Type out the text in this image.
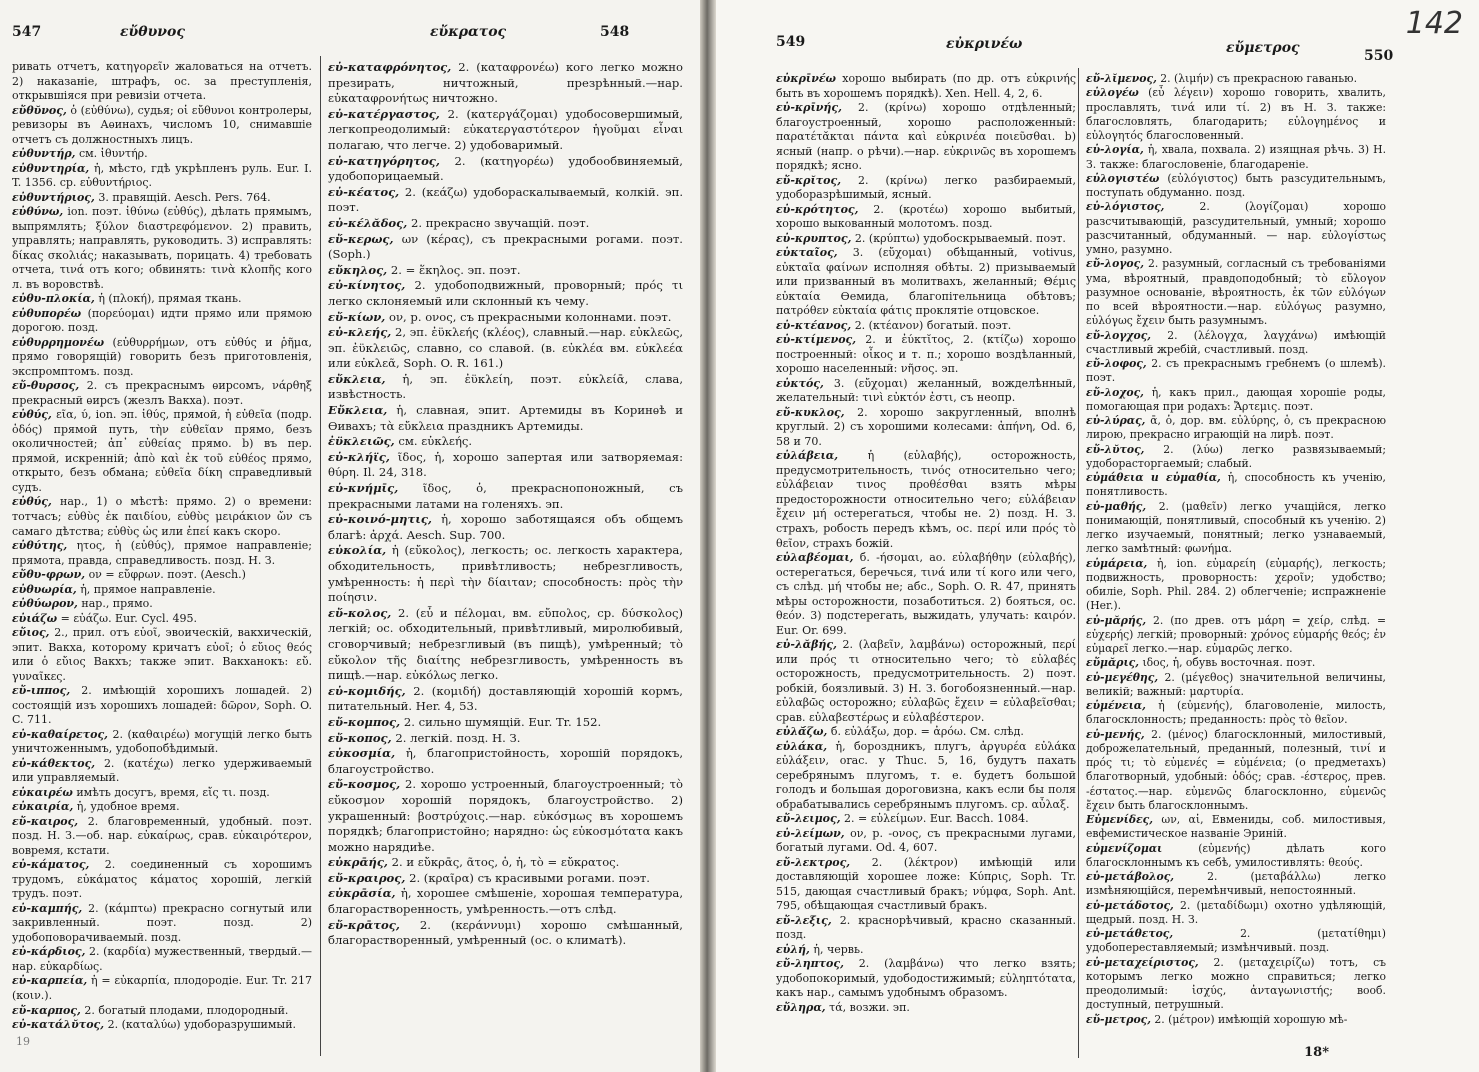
547	εὔθυνος	εὔκρατος	548

ривать отчетъ, κατηγορεῖν жаловаться на отчетъ. 2) наказаніе, штрафъ, ос. за преступленія, открывшіяся при ревизіи отчета.

εὔθῠνος, ὁ (εὐθύνω), судья; οἱ εὔθυνοι контролеры, ревизоры въ Аѳинахъ, числомъ 10, снимавшіе отчетъ съ должностныхъ лицъ.

εὐθυντήρ, см. ἰθυντήρ.

εὐθυντηρία, ἡ, мѣсто, гдѣ укрѣпленъ руль. Eur. I. T. 1356. cp. εὐθυντήριος.

εὐθυντήριος, 3. правящій. Aesch. Pers. 764.

εὐθύνω, ion. поэт. ἰθύνω (εὐθύς), дѣлать прямымъ, выпрямлять; ξύλον διαστρεφόμενον. 2) править, управлять; направлять, руководить. 3) исправлять: δίκας σκολιάς; наказывать, порицать. 4) требовать отчета, τινά отъ кого; обвинять: τινὰ κλοπῆς кого л. въ воровствѣ.

εὐθυ-πλοκία, ἡ (πλοκή), прямая ткань.

εὐθυπορέω (πορεύομαι) идти прямо или прямою дорогою. позд.

εὐθυρρημονέω (εὐθυρρήμων, отъ εὐθύς и ῥῆμα, прямо говорящій) говорить безъ приготовленія, экспромптомъ. позд.

εὔ-θυρσος, 2. съ прекраснымъ ѳирсомъ, νάρθηξ прекрасный ѳирсъ (жезлъ Вакха). поэт.

εὐθύς, εῖα, ύ, ion. эп. ἰθύς, прямой, ἡ εὐθεῖα (подр. ὁδός) прямой путь, τὴν εὐθεῖαν прямо, безъ околичностей; ἀπ᾽ εὐθείας прямо. b) въ пер. прямой, искренній; ἀπὸ καὶ ἐκ τοῦ εὐθέος прямо, открыто, безъ обмана; εὐθεῖα δίκη справедливый судъ.

εὐθύς, нар., 1) о мѣстѣ: прямо. 2) о времени: тотчасъ; εὐθὺς ἐκ παιδίου, εὐθὺς μειράκιον ὤν съ самаго дѣтства; εὐθὺς ὡς или ἐπεί какъ скоро.

εὐθύτης, ητος, ἡ (εὐθύς), прямое направленіе; прямота, правда, справедливость. позд. Н. З.

εὔθυ-φρων, ον = εὔφρων. поэт. (Aesch.)

εὐθυωρία, ἡ, прямое направленіе.

εὐθύωρον, нар., прямо.

εὐιάζω = εὐάζω. Eur. Cycl. 495.

εὔιος, 2., прил. отъ εὐοῖ, эвоическій, вакхическій, эпит. Вакха, которому кричатъ εὐοῖ; ὁ εὔιος θεός или ὁ εὔιος Вакхъ; также эпит. Вакханокъ: εὔ. γυναῖκες.

εὔ-ιππος, 2. имѣющій хорошихъ лошадей. 2) состоящій изъ хорошихъ лошадей: δῶρον, Soph. O. C. 711.

εὐ-καθαίρετος, 2. (καθαιρέω) могущій легко быть уничтоженнымъ, удобопобѣдимый.

εὐ-κάθεκτος, 2. (κατέχω) легко удерживаемый или управляемый.

εὐκαιρέω имѣть досугъ, время, εἴς τι. позд.

εὐκαιρία, ἡ, удобное время.

εὔ-καιρος, 2. благовременный, удобный. поэт. позд. Н. З.—об. нар. εὐκαίρως, срав. εὐκαιρότερον, вовремя, кстати.

εὐ-κάματος, 2. соединенный съ хорошимъ трудомъ, εὐκάματος κάματος хорошій, легкій трудъ. поэт.

εὐ-καμπής, 2. (κάμπτω) прекрасно согнутый или закривленный. поэт. позд. 2) удобоповорачиваемый. позд.

εὐ-κάρδιος, 2. (καρδία) мужественный, твердый.—нар. εὐκαρδίως.

εὐ-καρπεία, ἡ = εὐκαρπία, плодородіе. Eur. Tr. 217 (κοιν.).

εὔ-καρπος, 2. богатый плодами, плодородный.

εὐ-κατάλῠτος, 2. (καταλύω) удоборазрушимый.

εὐ-καταφρόνητος, 2. (καταφρονέω) кого легко можно презирать, ничтожный, презрѣнный.—нар. εὐκαταφρονήτως ничтожно.

εὐ-κατέργαστος, 2. (κατεργάζομαι) удобосовершимый, легкопреодолимый: εὐκατεργαστότερον ἡγοῦμαι εἶναι полагаю, что легче. 2) удобоваримый.

εὐ-κατηγόρητος, 2. (κατηγορέω) удобообвиняемый, удобопорицаемый.

εὐ-κέατος, 2. (κεάζω) удобораскалываемый, колкій. эп. поэт.

εὐ-κέλᾰδος, 2. прекрасно звучащій. поэт.

εὔ-κερως, ων (κέρας), съ прекрасными рогами. поэт. (Soph.)

εὔκηλος, 2. = ἕκηλος. эп. поэт.

εὐ-κίνητος, 2. удобоподвижный, проворный; πρός τι легко склоняемый или склонный къ чему.

εὔ-κίων, ον, р. ονος, съ прекрасными колоннами. поэт.

εὐ-κλεής, 2, эп. ἐϋκλεής (κλέος), славный.—нар. εὐκλεῶς, эп. ἐϋκλειῶς, славно, со славой. (в. εὐκλέα вм. εὐκλεέα или εὐκλεᾶ, Soph. O. R. 161.)

εὔκλεια, ἡ, эп. ἐϋκλείη, поэт. εὐκλείᾱ, слава, извѣстность.

Εὔκλεια, ἡ, славная, эпит. Артемиды въ Коринѳѣ и Ѳивахъ; τὰ εὔκλεια праздникъ Артемиды.

ἐϋκλειῶς, см. εὐκλεής.

εὐ-κλήϊς, ῖδος, ἡ, хорошо запертая или затворяемая: θύρη. Il. 24, 318.

εὐ-κνήμῑς, ῖδος, ὁ, прекраснопоножный, съ прекрасными латами на голеняхъ. эп.

εὐ-κοινό-μητις, ἡ, хорошо заботящаяся объ общемъ благѣ: ἀρχά. Aesch. Sup. 700.

εὐκολία, ἡ (εὔκολος), легкость; ос. легкость характера, обходительность, привѣтливость; небрезгливость, умѣренность: ἡ περὶ τὴν δίαιταν; способность: πρὸς τὴν ποίησιν.

εὔ-κολος, 2. (εὖ и πέλομαι, вм. εὔπολος, ср. δύσκολος) легкій; ос. обходительный, привѣтливый, миролюбивый, сговорчивый; небрезгливый (въ пищѣ), умѣренный; τὸ εὔκολον τῆς διαίτης небрезгливость, умѣренность въ пищѣ.—нар. εὐκόλως легко.

εὐ-κομιδής, 2. (κομιδή) доставляющій хорошій кормъ, питательный. Her. 4, 53.

εὔ-κομπος, 2. сильно шумящій. Eur. Tr. 152.

εὔ-κοπος, 2. легкій. позд. Н. З.

εὐκοσμία, ἡ, благопристойность, хорошій порядокъ, благоустройство.

εὔ-κοσμος, 2. хорошо устроенный, благоустроенный; τὸ εὔκοσμον хорошій порядокъ, благоустройство. 2) украшенный: βοστρύχοις.—нар. εὐκόσμως въ хорошемъ порядкѣ; благопристойно; нарядно: ὡς εὐκοσμότατα какъ можно нарядиѣе.

εὐκρᾱής, 2. и εὔκρᾱς, ᾶτος, ὁ, ἡ, τὸ = εὔκρατος.

εὔ-κραιρος, 2. (κραῖρα) съ красивыми рогами. поэт.

εὐκρᾱσία, ἡ, хорошее смѣшеніе, хорошая температура, благорастворенность, умѣренность.—отъ слѣд.

εὔ-κρᾱτος, 2. (κεράννυμι) хорошо смѣшанный, благорастворенный, умѣренный (ос. о климатѣ).

19
549	εὐκρινέω	εὔμετρος	550
142

εὐκρῑνέω хорошо выбирать (по др. отъ εὐκρινής быть въ хорошемъ порядкѣ). Xen. Hell. 4, 2, 6.

εὐ-κρῑνής, 2. (κρίνω) хорошо отдѣленный; благоустроенный, хорошо расположенный: παρατέτᾰκται πάντα καὶ εὐκρινέα ποιεῦσθαι. b) ясный (напр. о рѣчи).—нар. εὐκρινῶς въ хорошемъ порядкѣ; ясно.

εὔ-κρῐτος, 2. (κρίνω) легко разбираемый, удоборазрѣшимый, ясный.

εὐ-κρότητος, 2. (κροτέω) хорошо выбитый, хорошо выкованный молотомъ. позд.

εὐ-κρυπτος, 2. (κρύπτω) удобоскрываемый. поэт.

εὐκταῖος, 3. (εὔχομαι) обѣщанный, votivus, εὐκταῖα φαίνων исполняя обѣты. 2) призываемый или призванный въ молитвахъ, желанный; Θέμις εὐκταία Ѳемида, благопітельница обѣтовъ; πατρόθεν εὐκταία φάτις проклятіе отцовское.

εὐ-κτέανος, 2. (κτέανον) богатый. поэт.

εὐ-κτίμενος, 2. и ἐύκτῐτος, 2. (κτίζω) хорошо построенный: οἶκος и т. п.; хорошо воздѣланный, хорошо населенный: νῆσος. эп.

εὐκτός, 3. (εὔχομαι) желанный, вожделѣнный, желательный: τινὶ εὐκτόν ἐστι, съ неопр.

εὔ-κυκλος, 2. хорошо закругленный, вполнѣ круглый. 2) съ хорошими колесами: ἀπήνη, Od. 6, 58 и 70.

εὐλάβεια,	ἡ (εὐλαβής), осторожность, предусмотрительность, τινός относительно чего; εὐλάβειαν τινος προθέσθαι взять мѣры предосторожности относительно чего; εὐλάβειαν ἔχειν μή остерегаться, чтобы не. 2) позд. Н. З. страхъ, робость передъ кѣмъ, ос. περί или πρός τὸ θεῖον, страхъ божій.

εὐλαβέομαι, б. -ήσομαι, ао. εὐλαβήθην (εὐλαβής), остерегаться, беречься, τινά или τί кого или чего, съ слѣд. μή чтобы не; абс., Soph. O. R. 47, принять мѣры осторожности, позаботиться. 2) бояться, ос. θεόν. 3) подстерегать, выжидать, улучать: καιρόν. Eur. Or. 699.

εὐ-λᾰβής, 2. (λαβεῖν, λαμβάνω) осторожный, περί или πρός τι относительно чего; τὸ εὐλαβές осторожность, предусмотрительность. 2) поэт. робкій, боязливый. 3) Н. З. богобоязненный.—нар. εὐλαβῶς осторожно; εὐλαβῶς ἔχειν = εὐλαβεῖσθαι; срав. εὐλαβεστέρως и εὐλαβέστερον.

εὐλᾰ́ζω, б. εὐλάξω, дор. = ἀρόω. См. слѣд.

εὐλάκα, ἡ, бороздникъ, плугъ, ἀργυρέα εὐλάκα εὐλάξειν, orac. у Thuc. 5, 16, будутъ пахать серебрянымъ плугомъ, т. е. будетъ большой голодъ и большая дороговизна, какъ если бы поля обрабатывались серебрянымъ плугомъ. ср. αὖλαξ.

εὔ-λειμος, 2. = εὐλείμων. Eur. Bacch. 1084.

εὐ-λείμων, ον, р. -ονος, съ прекрасными лугами, богатый лугами. Od. 4, 607.

εὔ-λεκτρος, 2. (λέκτρον) имѣющій или доставляющій хорошее ложе: Κύπρις, Soph. Tr. 515, дающая счастливый бракъ; νύμφα, Soph. Ant. 795, обѣщающая счастливый бракъ.

εὔ-λεξις, 2. краснорѣчивый, красно сказанный. позд.

εὐλή, ἡ, червь.

εὔ-ληπτος, 2. (λαμβάνω) что легко взять; удобопокоримый, удободостижимый; εὐληπτότατα, какъ нар., самымъ удобнымъ образомъ.

εὔληρα, τά, возжи. эп.

εὔ-λῐμενος, 2. (λιμήν) съ прекрасною гаванью.

εὐλογέω (εὖ λέγειν) хорошо говорить, хвалить, прославлять, τινά или τί. 2) въ Н. З. также: благословлять, благодарить; εὐλογημένος и εὐλογητός благословенный.

εὐ-λογία, ἡ, хвала, похвала. 2) изящная рѣчь. 3) Н. З. также: благословеніе, благодареніе.

εὐλογιστέω (εὐλόγιστος) быть разсудительнымъ, поступать обдуманно. позд.

εὐ-λόγιστος,	2. (λογίζομαι) хорошо разсчитывающій, разсудительный, умный; хорошо разсчитанный, обдуманный. — нар. εὐλογίστως умно, разумно.

εὔ-λογος, 2. разумный, согласный съ требованіями ума, вѣроятный, правдоподобный; τὸ εὔλογον разумное основаніе, вѣроятность, ἐκ τῶν εὐλόγων по всей вѣроятности.—нар. εὐλόγως разумно, εὐλόγως ἔχειν быть разумнымъ.

εὔ-λογχος, 2. (λέλογχα, λαγχάνω) имѣющій счастливый жребій, счастливый. позд.

εὔ-λοφος, 2. съ прекраснымъ гребнемъ (о шлемѣ). поэт.

εὔ-λοχος, ἡ, какъ прил., дающая хорошіе роды, помогающая при родахъ: Ἄρτεμις. поэт.

εὐ-λύρας, ᾱ, ὁ, дор. вм. εὐλύρης, ὁ, съ прекрасною лирою, прекрасно играющій на лирѣ. поэт.

εὔ-λῠτος, 2. (λύω) легко развязываемый; удоборасторгаемый; слабый.

εὐμάθεια и εὐμαθία, ἡ, способность къ ученію, понятливость.

εὐ-μαθής, 2. (μαθεῖν) легко учащійся, легко понимающій, понятливый, способный къ ученію. 2) легко изучаемый, понятный; легко узнаваемый, легко замѣтный: φωνήμα.

εὐμάρεια, ἡ, ion. εὐμαρείη (εὐμαρής), легкость; подвижность, проворность: χεροῖν; удобство; обиліе, Soph. Phil. 284. 2) облегченіе; испражненіе (Her.).

εὐ-μᾰρής, 2. (по древ. отъ μάρη = χείρ, слѣд. = εὐχερής) легкій; проворный: χρόνος εὐμαρής θεός; ἐν εὐμαρεῖ легко.—нар. εὐμαρῶς легко.

εὔμᾰρις, ιδος, ἡ, обувь восточная. поэт.

εὐ-μεγέθης, 2. (μέγεθος) значительной величины, великій; важный: μαρτυρία.

εὐμένεια, ἡ (εὐμενής), благоволеніе, милость, благосклонность; преданность: πρὸς τὸ θεῖον.

εὐ-μενής, 2. (μένος) благосклонный, милостивый, доброжелательный, преданный, полезный, τινί и πρός τι; τὸ εὐμενές = εὐμένεια; (о предметахъ) благотворный, удобный: ὁδός; срав. -έστερος, прев. -έστατος.—нар. εὐμενῶς благосклонно, εὐμενῶς ἔχειν быть благосклоннымъ.

Εὐμενίδες, ων, αἱ, Евмениды, соб. милостивыя, евфемистическое названіе Эриній.

εὐμενίζομαι	(εὐμενής) дѣлать кого благосклоннымъ къ себѣ, умилостивлять: θεούς.

εὐ-μετάβολος,	2. (μεταβάλλω) легко измѣняющійся, перемѣнчивый, непостоянный.

εὐ-μετάδοτος, 2. (μεταδίδωμι) охотно удѣляющій, щедрый. позд. Н. З.

εὐ-μετάθετος,	2. (μετατίθημι) удобопереставляемый; измѣнчивый. позд.

εὐ-μεταχείριστος, 2. (μεταχειρίζω) тотъ, съ которымъ легко можно справиться; легко преодолимый: ἰσχύς, ἀνταγωνιστής; вооб. доступный, петрушный.

εὔ-μετρος, 2. (μέτρον) имѣющій хорошую мѣ-

18*
